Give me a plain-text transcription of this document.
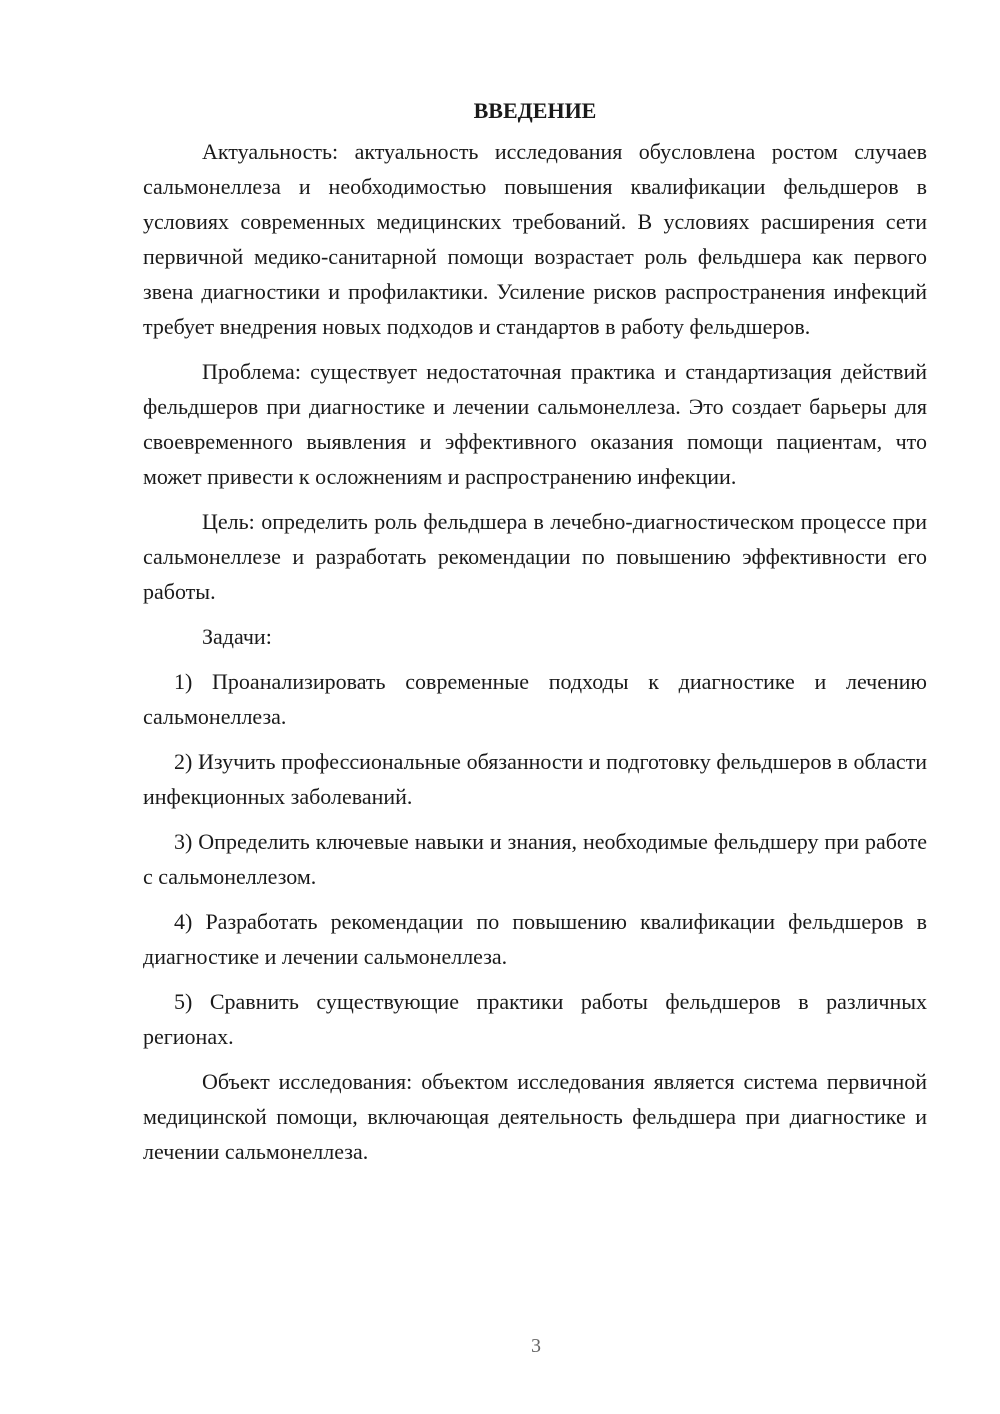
ВВЕДЕНИЕ

Актуальность: актуальность исследования обусловлена ростом случаев сальмонеллеза и необходимостью повышения квалификации фельдшеров в условиях современных медицинских требований. В условиях расширения сети первичной медико-санитарной помощи возрастает роль фельдшера как первого звена диагностики и профилактики. Усиление рисков распространения инфекций требует внедрения новых подходов и стандартов в работу фельдшеров.

Проблема: существует недостаточная практика и стандартизация действий фельдшеров при диагностике и лечении сальмонеллеза. Это создает барьеры для своевременного выявления и эффективного оказания помощи пациентам, что может привести к осложнениям и распространению инфекции.

Цель: определить роль фельдшера в лечебно-диагностическом процессе при сальмонеллезе и разработать рекомендации по повышению эффективности его работы.

Задачи:

1) Проанализировать современные подходы к диагностике и лечению сальмонеллеза.

2) Изучить профессиональные обязанности и подготовку фельдшеров в области инфекционных заболеваний.

3) Определить ключевые навыки и знания, необходимые фельдшеру при работе с сальмонеллезом.

4) Разработать рекомендации по повышению квалификации фельдшеров в диагностике и лечении сальмонеллеза.

5) Сравнить существующие практики работы фельдшеров в различных регионах.

Объект исследования: объектом исследования является система первичной медицинской помощи, включающая деятельность фельдшера при диагностике и лечении сальмонеллеза.

3
